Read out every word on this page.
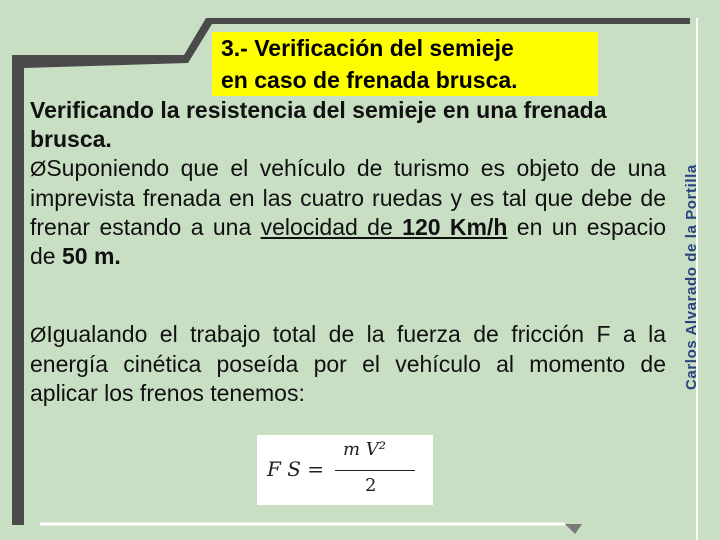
3.- Verificación del semieje
en caso de frenada brusca.

Verificando la resistencia del semieje en una frenada brusca.

ØSuponiendo que el vehículo de turismo es objeto de una imprevista frenada en las cuatro ruedas y es tal que debe de frenar estando a una velocidad de 120 Km/h en un espacio de 50 m.

ØIgualando el trabajo total de la fuerza de fricción F a la energía cinética poseída por el vehículo al momento de aplicar los frenos tenemos:

F S =
m V²
2
Carlos Alvarado de la Portilla
